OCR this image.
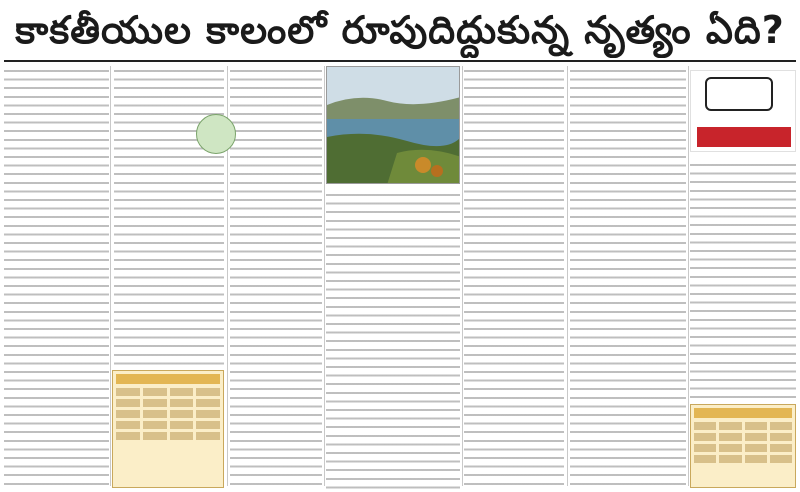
కాకతీయుల కాలంలో రూపుదిద్దుకున్న నృత్యం ఏది?
